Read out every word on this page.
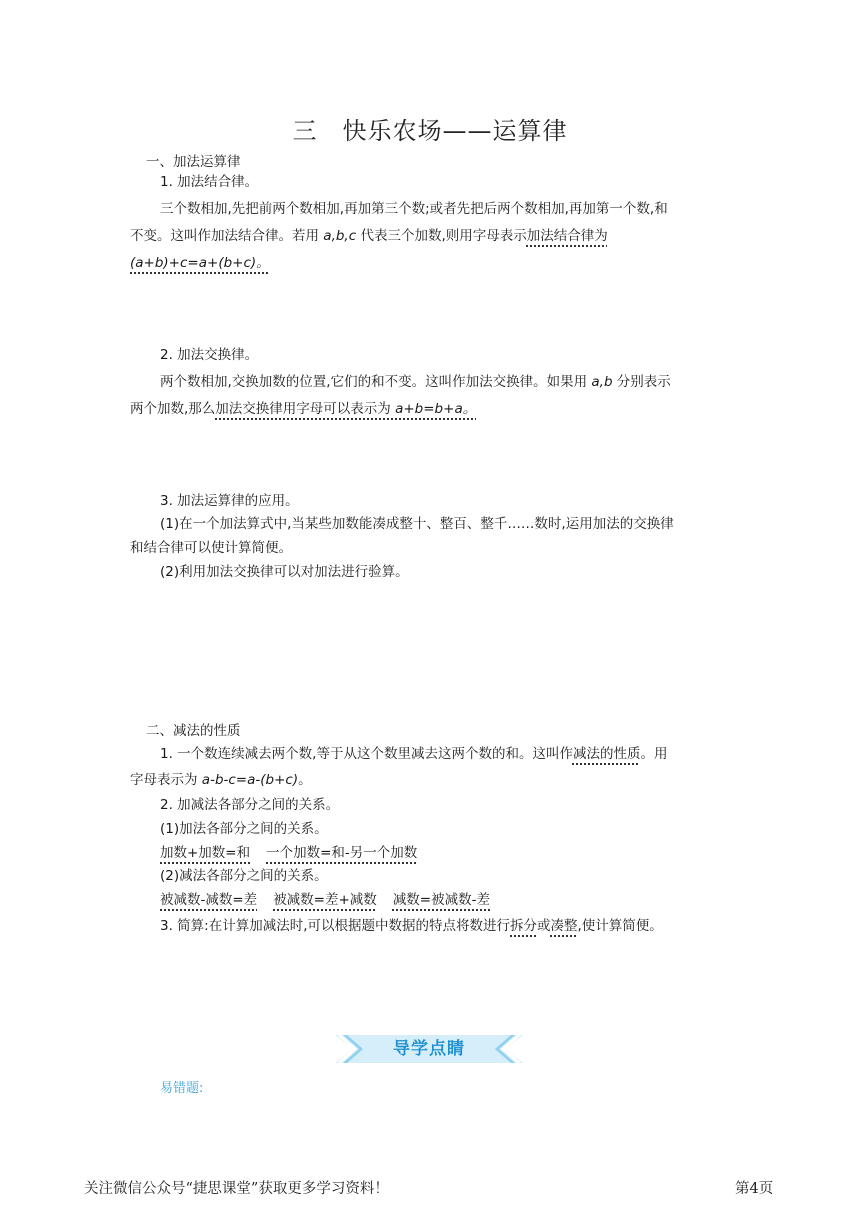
三　快乐农场——运算律
一、加法运算律
1. 加法结合律。
三个数相加,先把前两个数相加,再加第三个数;或者先把后两个数相加,再加第一个数,和
不变。这叫作加法结合律。若用 a,b,c 代表三个加数,则用字母表示加法结合律为
(a+b)+c=a+(b+c)。
2. 加法交换律。
两个数相加,交换加数的位置,它们的和不变。这叫作加法交换律。如果用 a,b 分别表示
两个加数,那么加法交换律用字母可以表示为 a+b=b+a。
3. 加法运算律的应用。
(1)在一个加法算式中,当某些加数能凑成整十、整百、整千……数时,运用加法的交换律
和结合律可以使计算简便。
(2)利用加法交换律可以对加法进行验算。
二、减法的性质
1. 一个数连续减去两个数,等于从这个数里减去这两个数的和。这叫作减法的性质。用
字母表示为 a-b-c=a-(b+c)。
2. 加减法各部分之间的关系。
(1)加法各部分之间的关系。
加数+加数=和 一个加数=和-另一个加数
(2)减法各部分之间的关系。
被减数-减数=差 被减数=差+减数 减数=被减数-差
3. 简算:在计算加减法时,可以根据题中数据的特点将数进行拆分或凑整,使计算简便。
导学点睛
易错题:
关注微信公众号“捷思课堂”获取更多学习资料！	第4页
